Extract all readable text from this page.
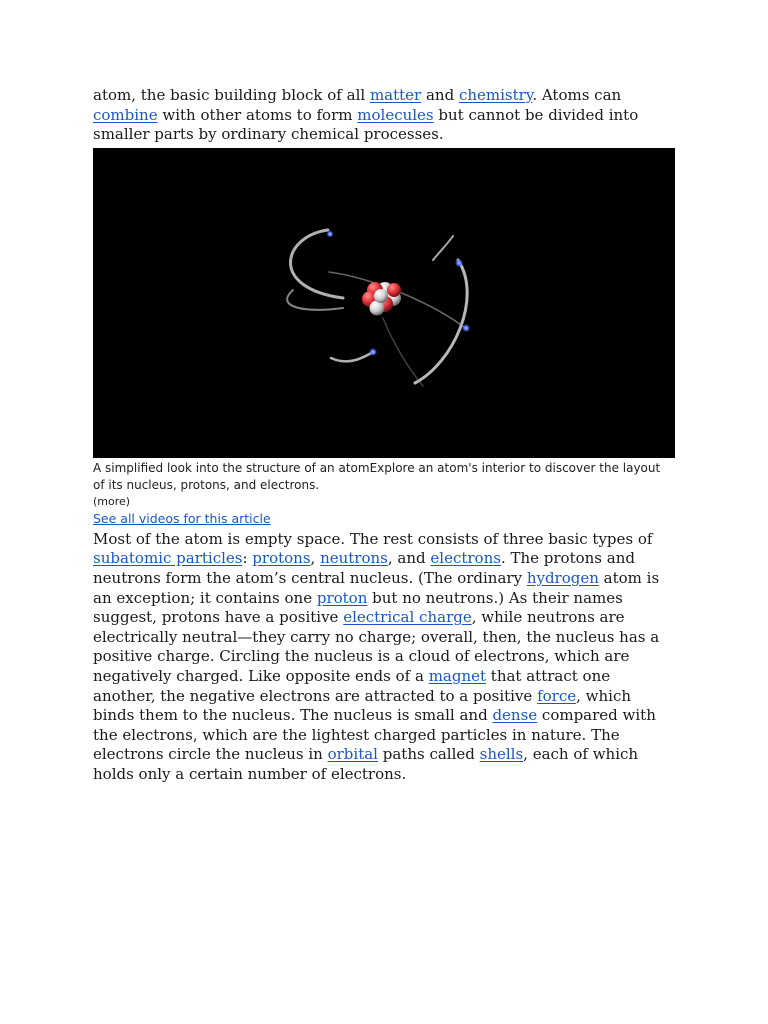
atom, the basic building block of all matter and chemistry. Atoms can combine with other atoms to form molecules but cannot be divided into smaller parts by ordinary chemical processes.

A simplified look into the structure of an atomExplore an atom's interior to discover the layout of its nucleus, protons, and electrons.
(more)
See all videos for this article

Most of the atom is empty space. The rest consists of three basic types of subatomic particles: protons, neutrons, and electrons. The protons and neutrons form the atom’s central nucleus. (The ordinary hydrogen atom is an exception; it contains one proton but no neutrons.) As their names suggest, protons have a positive electrical charge, while neutrons are electrically neutral—they carry no charge; overall, then, the nucleus has a positive charge. Circling the nucleus is a cloud of electrons, which are negatively charged. Like opposite ends of a magnet that attract one another, the negative electrons are attracted to a positive force, which binds them to the nucleus. The nucleus is small and dense compared with the electrons, which are the lightest charged particles in nature. The electrons circle the nucleus in orbital paths called shells, each of which holds only a certain number of electrons.
